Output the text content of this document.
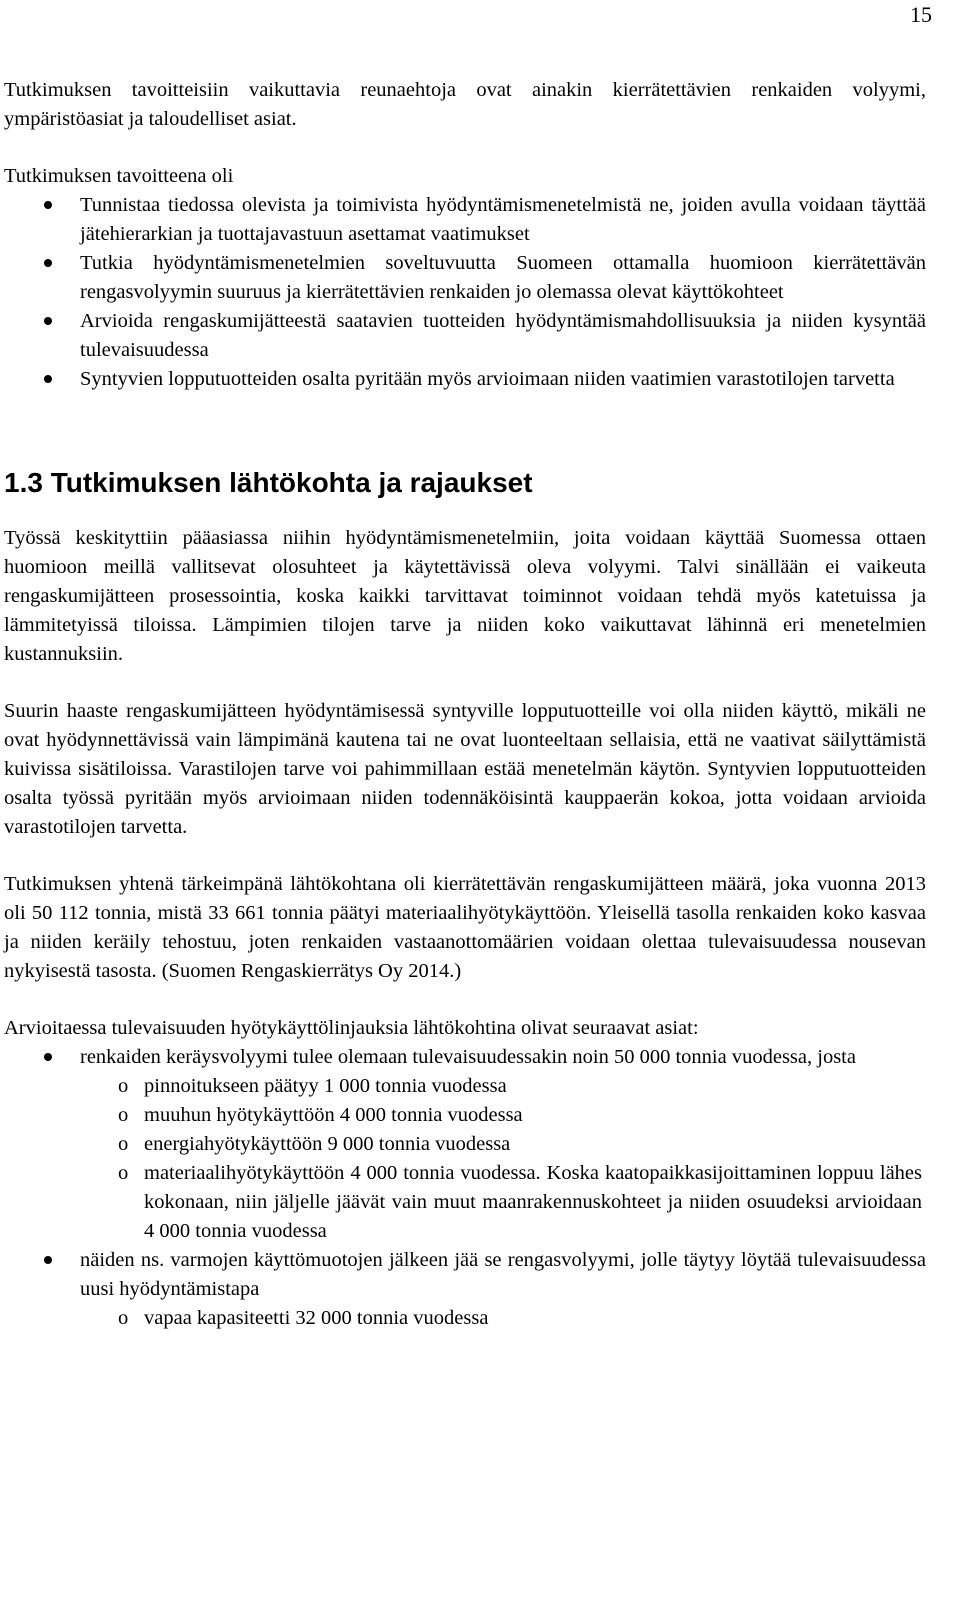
15

Tutkimuksen tavoitteisiin vaikuttavia reunaehtoja ovat ainakin kierrätettävien renkaiden volyymi, ympäristöasiat ja taloudelliset asiat.

Tutkimuksen tavoitteena oli

Tunnistaa tiedossa olevista ja toimivista hyödyntämismenetelmistä ne, joiden avulla voidaan täyttää jätehierarkian ja tuottajavastuun asettamat vaatimukset
Tutkia hyödyntämismenetelmien soveltuvuutta Suomeen ottamalla huomioon kierrätettävän rengasvolyymin suuruus ja kierrätettävien renkaiden jo olemassa olevat käyttökohteet
Arvioida rengaskumijätteestä saatavien tuotteiden hyödyntämismahdollisuuksia ja niiden kysyntää tulevaisuudessa
Syntyvien lopputuotteiden osalta pyritään myös arvioimaan niiden vaatimien varastotilojen tarvetta
1.3 Tutkimuksen lähtökohta ja rajaukset

Työssä keskityttiin pääasiassa niihin hyödyntämismenetelmiin, joita voidaan käyttää Suomessa ottaen huomioon meillä vallitsevat olosuhteet ja käytettävissä oleva volyymi. Talvi sinällään ei vaikeuta rengaskumijätteen prosessointia, koska kaikki tarvittavat toiminnot voidaan tehdä myös katetuissa ja lämmitetyissä tiloissa. Lämpimien tilojen tarve ja niiden koko vaikuttavat lähinnä eri menetelmien kustannuksiin.

Suurin haaste rengaskumijätteen hyödyntämisessä syntyville lopputuotteille voi olla niiden käyttö, mikäli ne ovat hyödynnettävissä vain lämpimänä kautena tai ne ovat luonteeltaan sellaisia, että ne vaativat säilyttämistä kuivissa sisätiloissa. Varastilojen tarve voi pahimmillaan estää menetelmän käytön. Syntyvien lopputuotteiden osalta työssä pyritään myös arvioimaan niiden todennäköisintä kauppaerän kokoa, jotta voidaan arvioida varastotilojen tarvetta.

Tutkimuksen yhtenä tärkeimpänä lähtökohtana oli kierrätettävän rengaskumijätteen määrä, joka vuonna 2013 oli 50 112 tonnia, mistä 33 661 tonnia päätyi materiaalihyötykäyttöön. Yleisellä tasolla renkaiden koko kasvaa ja niiden keräily tehostuu, joten renkaiden vastaanottomäärien voidaan olettaa tulevaisuudessa nousevan nykyisestä tasosta. (Suomen Rengaskierrätys Oy 2014.)

Arvioitaessa tulevaisuuden hyötykäyttölinjauksia lähtökohtina olivat seuraavat asiat:

renkaiden keräysvolyymi tulee olemaan tulevaisuudessakin noin 50 000 tonnia vuodessa, josta
o pinnoitukseen päätyy 1 000 tonnia vuodessa
o muuhun hyötykäyttöön 4 000 tonnia vuodessa
o energiahyötykäyttöön 9 000 tonnia vuodessa
o materiaalihyötykäyttöön 4 000 tonnia vuodessa. Koska kaatopaikkasijoittaminen loppuu lähes kokonaan, niin jäljelle jäävät vain muut maanrakennuskohteet ja niiden osuudeksi arvioidaan 4 000 tonnia vuodessa
näiden ns. varmojen käyttömuotojen jälkeen jää se rengasvolyymi, jolle täytyy löytää tulevaisuudessa uusi hyödyntämistapa
o vapaa kapasiteetti 32 000 tonnia vuodessa
